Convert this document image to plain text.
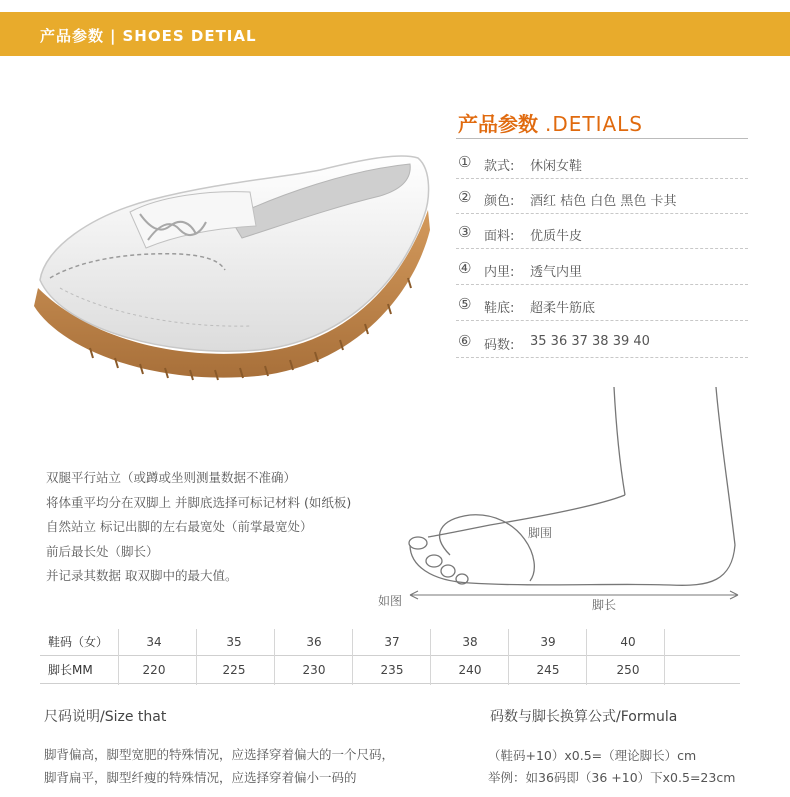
产品参数 | SHOES DETIAL
产品参数 .DETIALS
① 款式: 休闲女鞋
② 颜色: 酒红 桔色 白色 黑色 卡其
③ 面料: 优质牛皮
④ 内里: 透气内里
⑤ 鞋底: 超柔牛筋底
⑥ 码数: 35 36 37 38 39 40
双腿平行站立（或蹲或坐则测量数据不准确）
将体重平均分在双脚上 并脚底选择可标记材料 (如纸板)
自然站立 标记出脚的左右最宽处（前掌最宽处）
前后最长处（脚长）
并记录其数据 取双脚中的最大值。
脚围
如图	脚长
鞋码（女）	34	35	36	37	38	39	40
脚长MM	220	225	230	235	240	245	250
尺码说明/Size that
脚背偏高，脚型宽肥的特殊情况，应选择穿着偏大的一个尺码，
脚背扁平，脚型纤瘦的特殊情况，应选择穿着偏小一码的
码数与脚长换算公式/Formula
（鞋码+10）x0.5=（理论脚长）cm
举例：如36码即（36 +10）下x0.5=23cm
